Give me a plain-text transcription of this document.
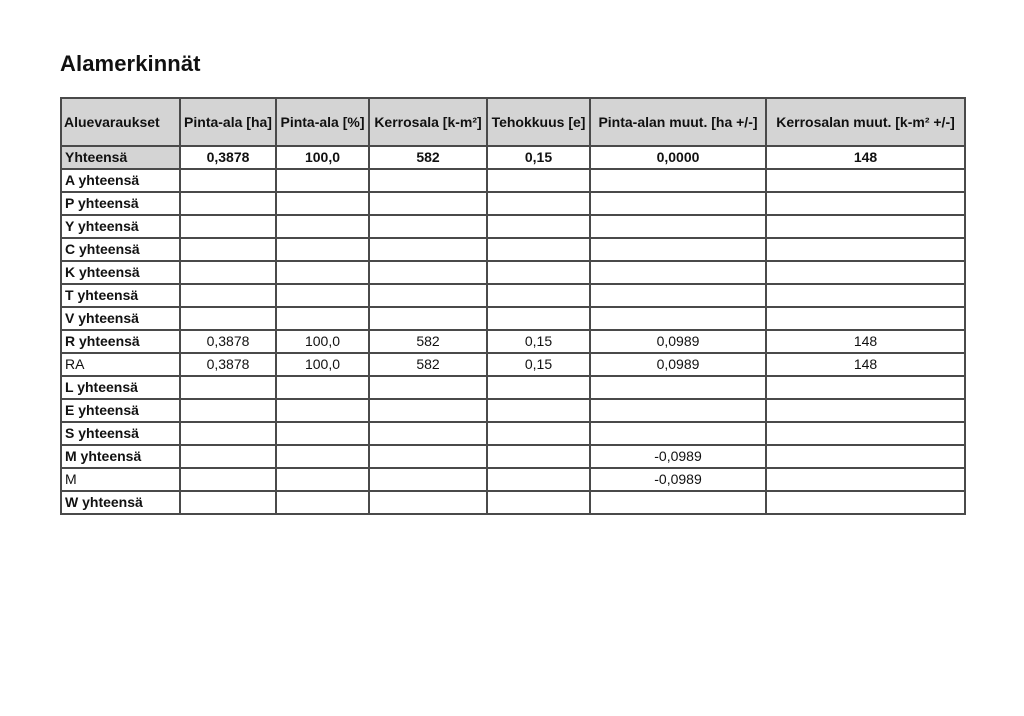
Alamerkinnät
Aluevaraukset	Pinta-ala [ha]	Pinta-ala [%]	Kerrosala [k-m²]	Tehokkuus [e]	Pinta-alan muut. [ha +/-]	Kerrosalan muut. [k-m² +/-]
Yhteensä	0,3878	100,0	582	0,15	0,0000	148
A yhteensä						
P yhteensä						
Y yhteensä						
C yhteensä						
K yhteensä						
T yhteensä						
V yhteensä						
R yhteensä	0,3878	100,0	582	0,15	0,0989	148
RA	0,3878	100,0	582	0,15	0,0989	148
L yhteensä						
E yhteensä						
S yhteensä						
M yhteensä					-0,0989	
M					-0,0989	
W yhteensä						
